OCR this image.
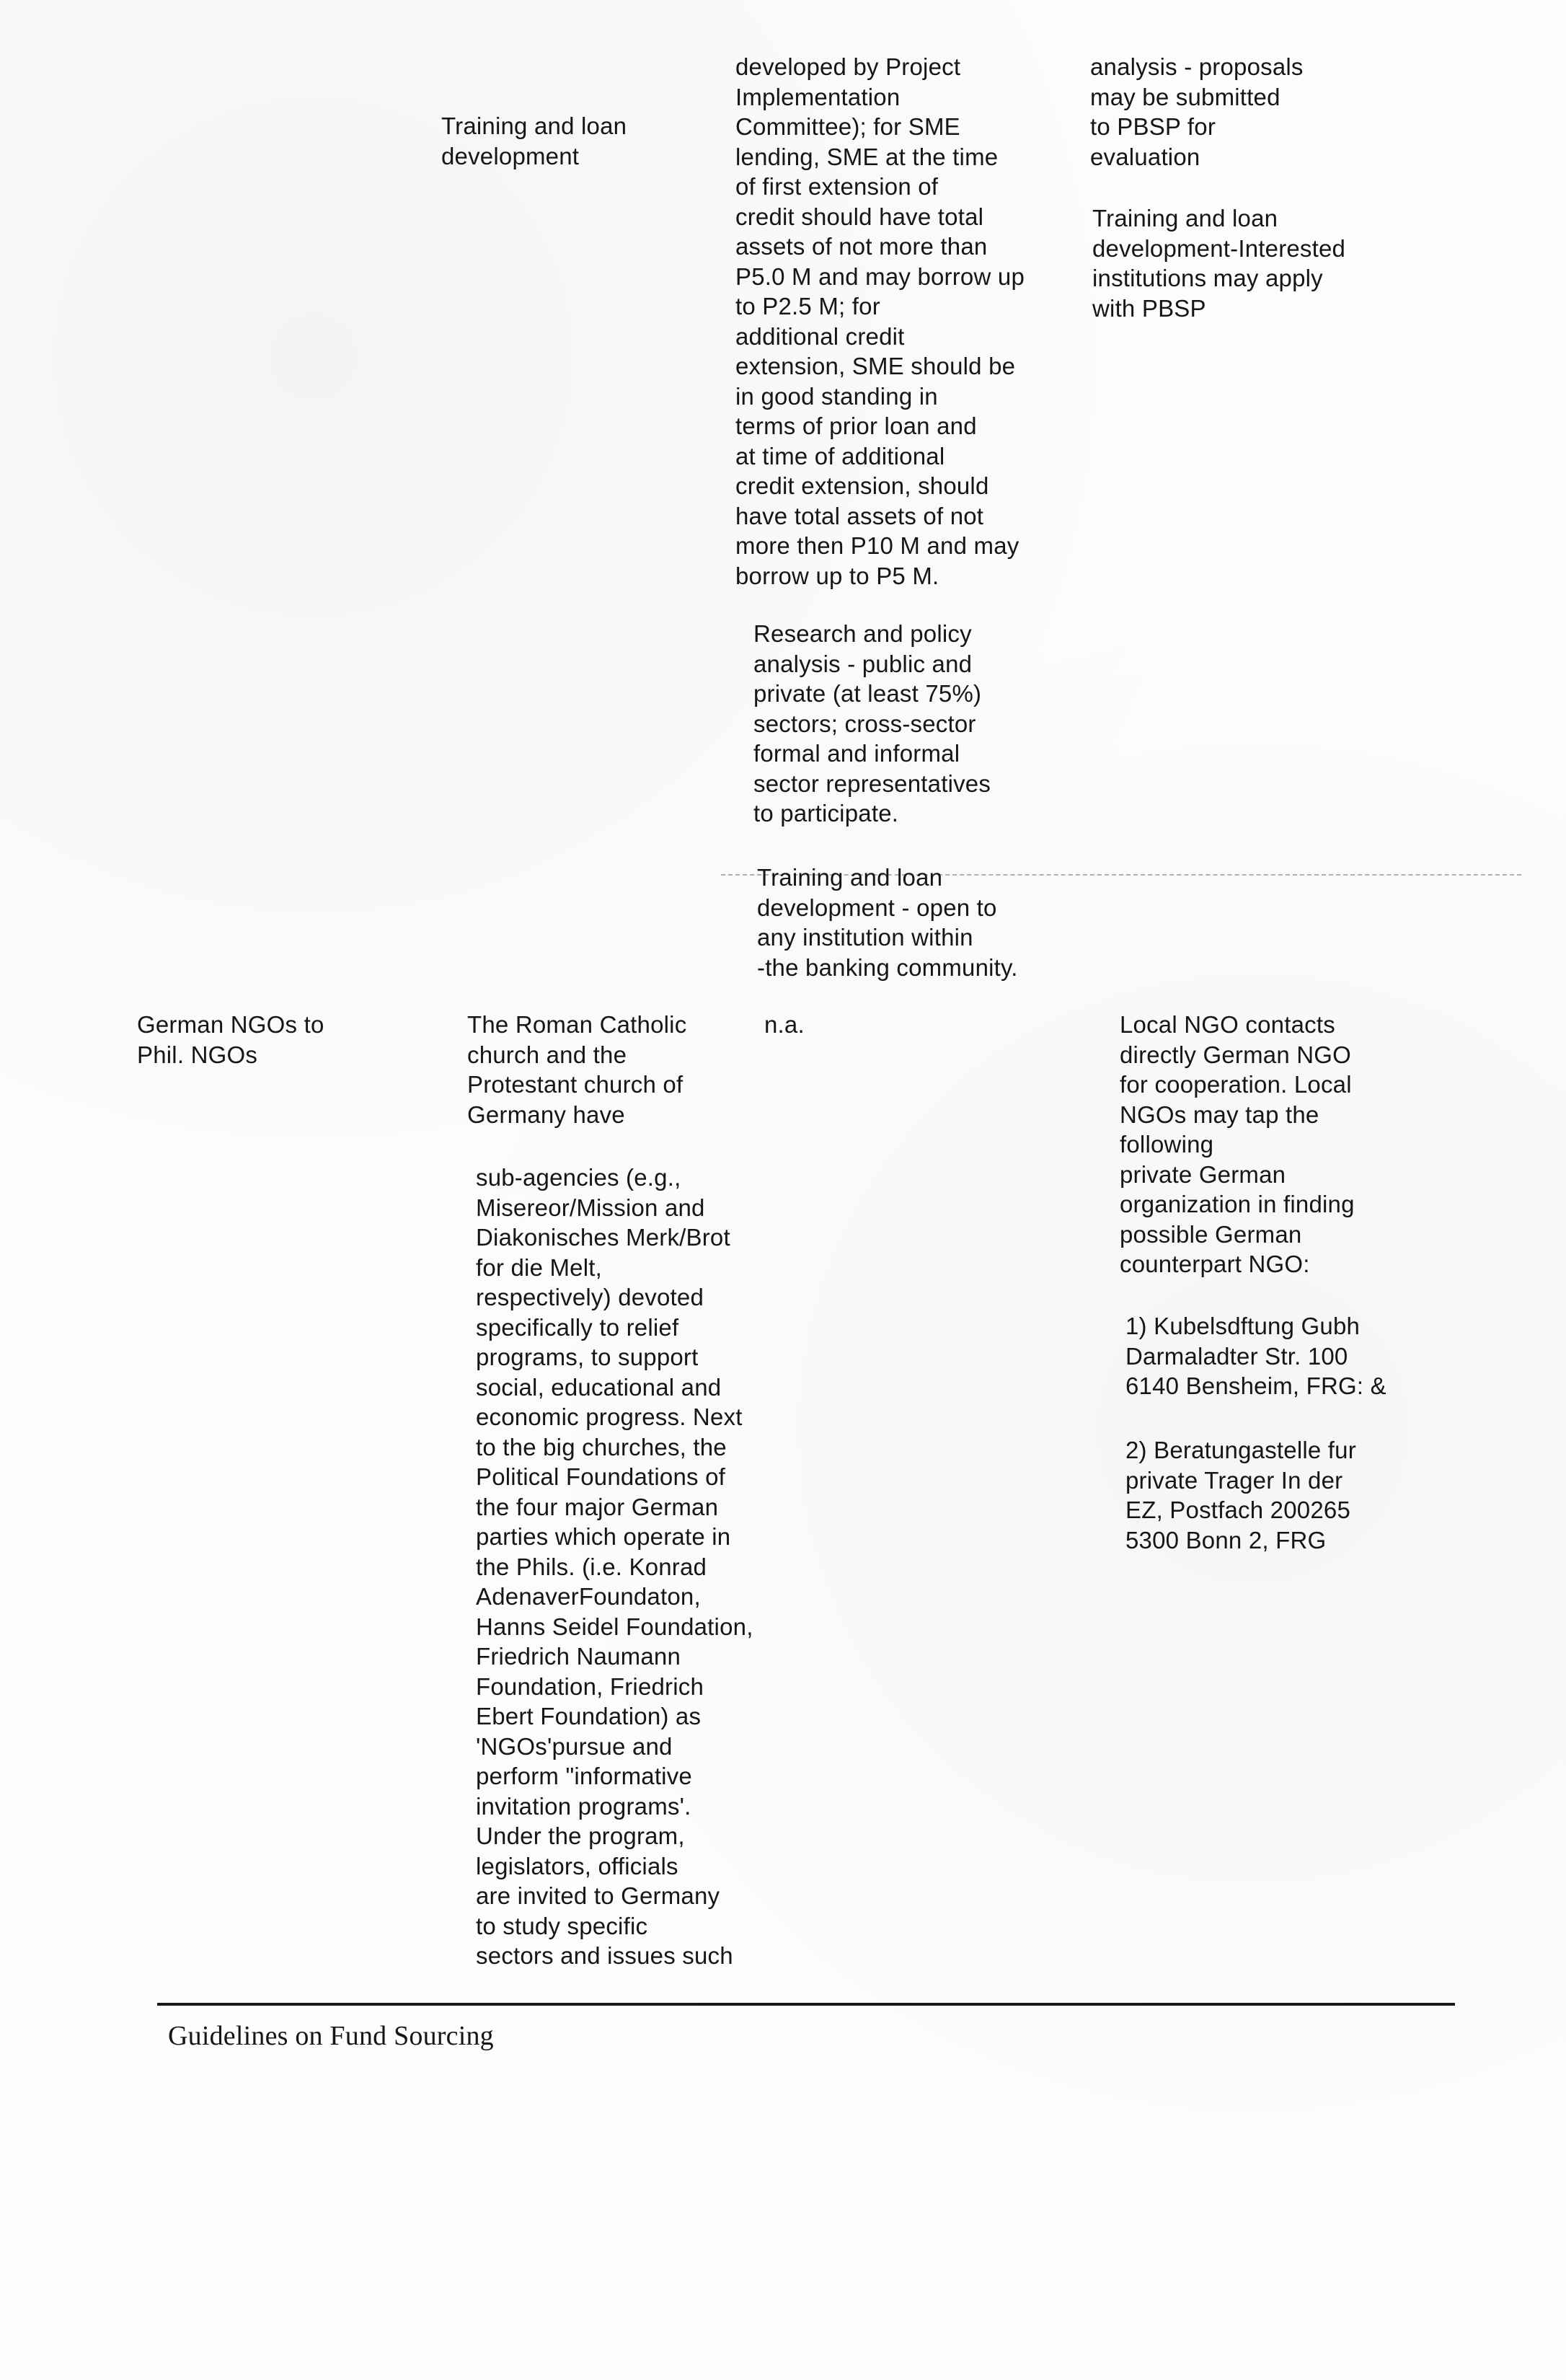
Training and loan
development

developed by Project
Implementation
Committee); for SME
lending, SME at the time
of first extension of
credit should have total
assets of not more than
P5.0 M and may borrow up
to P2.5 M; for
additional credit
extension, SME should be
in good standing in
terms of prior loan and
at time of additional
credit extension, should
have total assets of not
more then P10 M and may
borrow up to P5 M.

Research and policy
analysis - public and
private (at least 75%)
sectors; cross-sector
formal and informal
sector representatives
to participate.

Training and loan
development - open to
any institution within
-the banking community.

analysis - proposals
may be submitted
to PBSP for
evaluation

Training and loan
development-Interested
institutions may apply
with PBSP

German NGOs to
Phil. NGOs

The Roman Catholic
church and the
Protestant church of
Germany have

sub-agencies (e.g.,
Misereor/Mission and
Diakonisches Merk/Brot
for die Melt,
respectively) devoted
specifically to relief
programs, to support
social, educational and
economic progress. Next
to the big churches, the
Political Foundations of
the four major German
parties which operate in
the Phils. (i.e. Konrad
AdenaverFoundaton,
Hanns Seidel Foundation,
Friedrich Naumann
Foundation, Friedrich
Ebert Foundation) as
'NGOs'pursue and
perform "informative
invitation programs'.
Under the program,
legislators, officials
are invited to Germany
to study specific
sectors and issues such

n.a.	Local NGO contacts
directly German NGO
for cooperation. Local
NGOs may tap the
following
private German
organization in finding
possible German
counterpart NGO:

1) Kubelsdftung Gubh
Darmaladter Str. 100
6140 Bensheim, FRG: &

2) Beratungastelle fur
private Trager In der
EZ, Postfach 200265
5300 Bonn 2, FRG

Guidelines on Fund Sourcing
